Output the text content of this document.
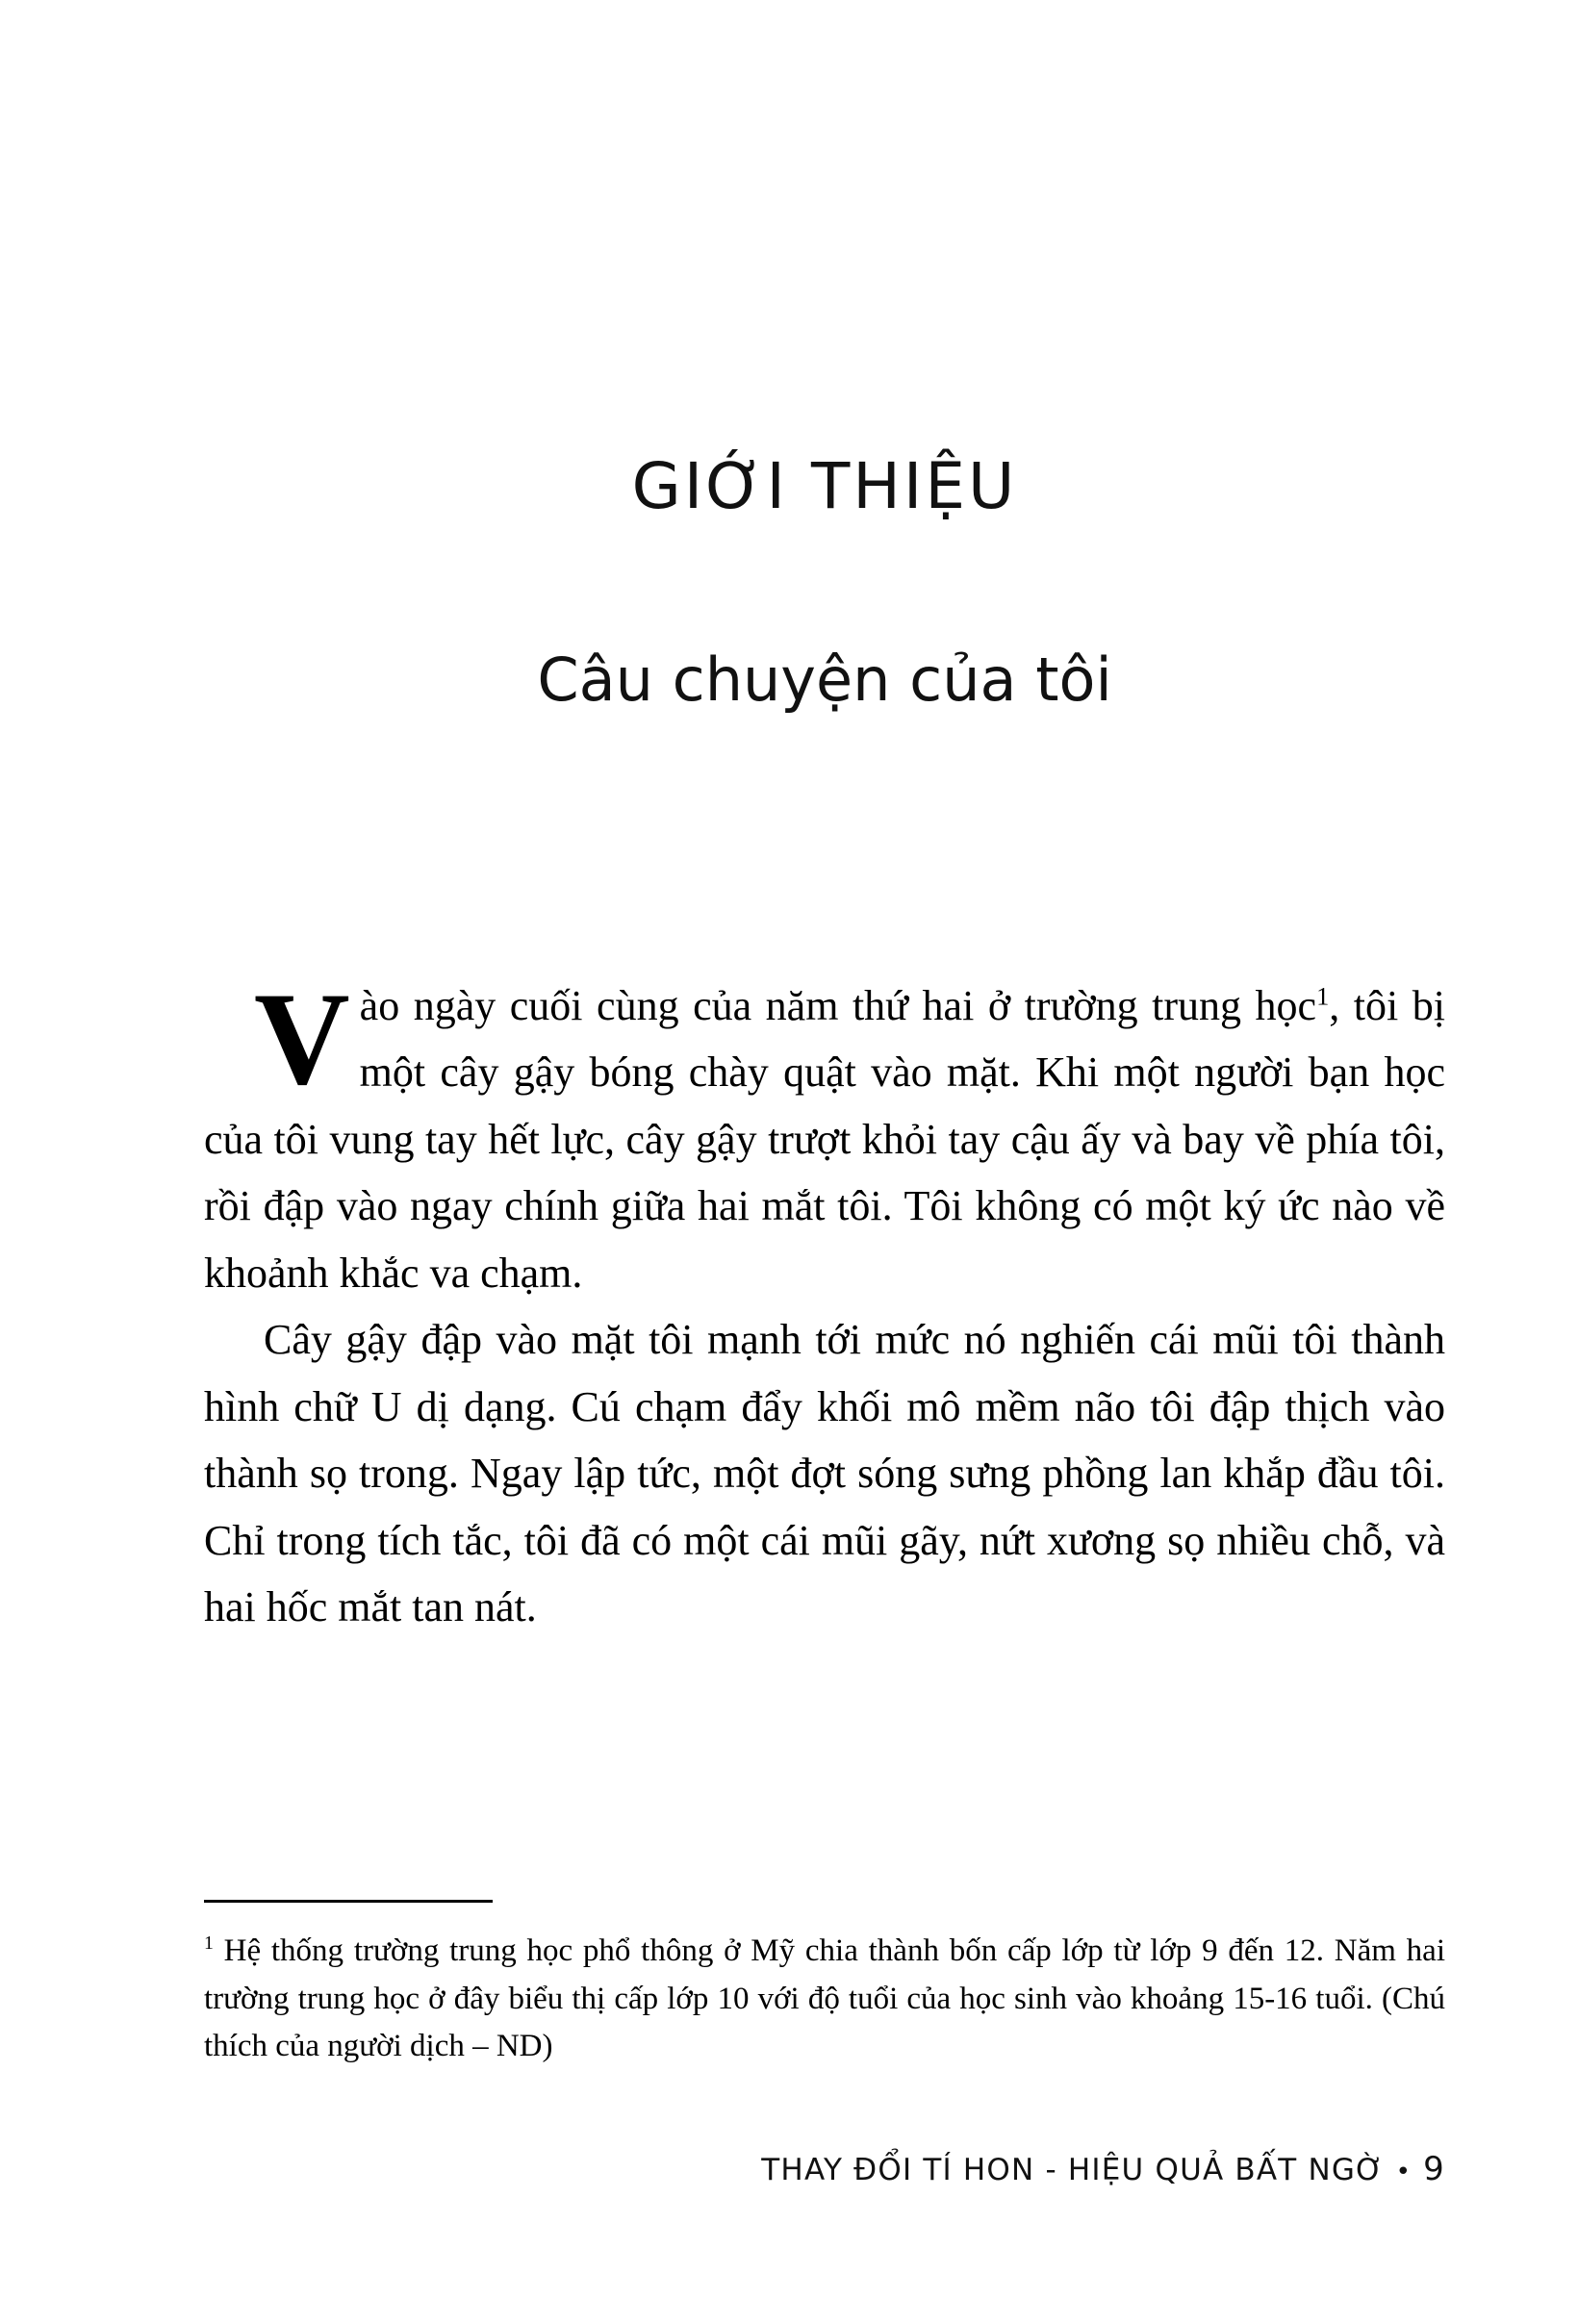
GIỚI THIỆU
Câu chuyện của tôi

Vào ngày cuối cùng của năm thứ hai ở trường trung học$^1$, tôi bị một cây gậy bóng chày quật vào mặt. Khi một người bạn học của tôi vung tay hết lực, cây gậy trượt khỏi tay cậu ấy và bay về phía tôi, rồi đập vào ngay chính giữa hai mắt tôi. Tôi không có một ký ức nào về khoảnh khắc va chạm.

Cây gậy đập vào mặt tôi mạnh tới mức nó nghiến cái mũi tôi thành hình chữ U dị dạng. Cú chạm đẩy khối mô mềm não tôi đập thịch vào thành sọ trong. Ngay lập tức, một đợt sóng sưng phồng lan khắp đầu tôi. Chỉ trong tích tắc, tôi đã có một cái mũi gãy, nứt xương sọ nhiều chỗ, và hai hốc mắt tan nát.

$^1$ Hệ thống trường trung học phổ thông ở Mỹ chia thành bốn cấp lớp từ lớp 9 đến 12. Năm hai trường trung học ở đây biểu thị cấp lớp 10 với độ tuổi của học sinh vào khoảng 15-16 tuổi. (Chú thích của người dịch – ND)

THAY ĐỔI TÍ HON - HIỆU QUẢ BẤT NGỜ • 9
